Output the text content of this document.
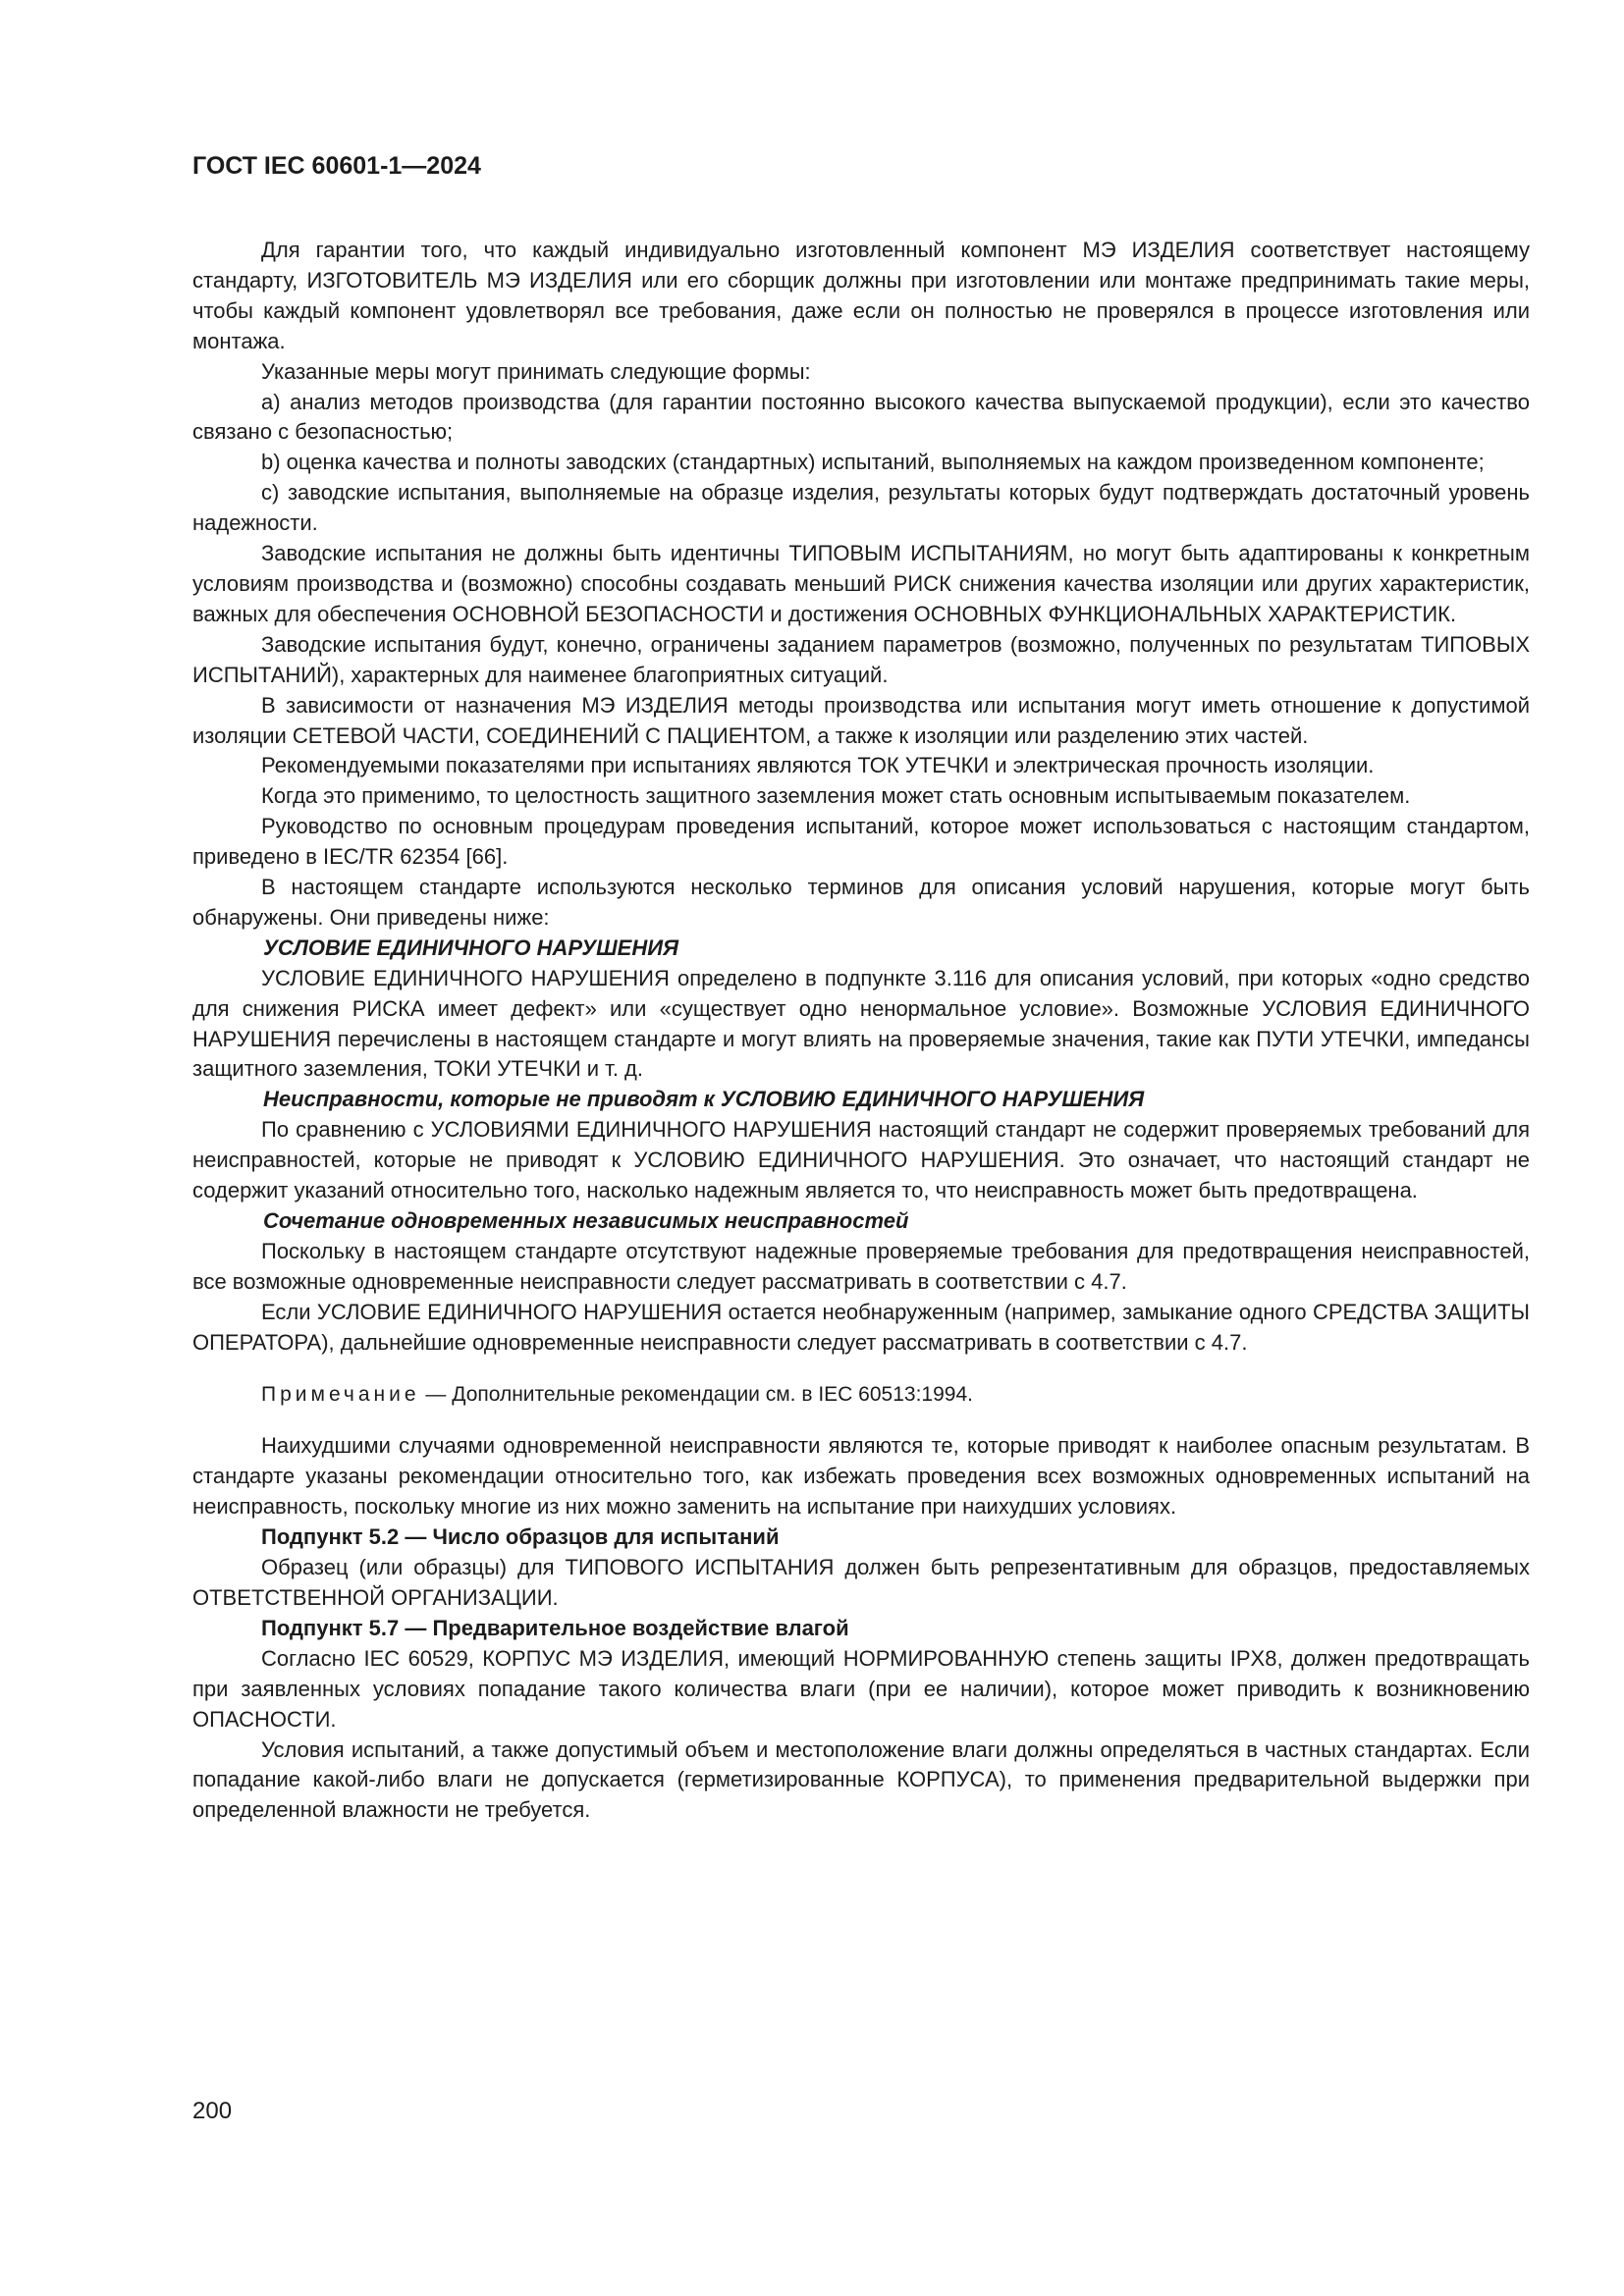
ГОСТ IEC 60601-1—2024

Для гарантии того, что каждый индивидуально изготовленный компонент МЭ ИЗДЕЛИЯ соответствует настоящему стандарту, ИЗГОТОВИТЕЛЬ МЭ ИЗДЕЛИЯ или его сборщик должны при изготовлении или монтаже предпринимать такие меры, чтобы каждый компонент удовлетворял все требования, даже если он полностью не проверялся в процессе изготовления или монтажа.

Указанные меры могут принимать следующие формы:

a) анализ методов производства (для гарантии постоянно высокого качества выпускаемой продукции), если это качество связано с безопасностью;

b) оценка качества и полноты заводских (стандартных) испытаний, выполняемых на каждом произведенном компоненте;

c) заводские испытания, выполняемые на образце изделия, результаты которых будут подтверждать достаточный уровень надежности.

Заводские испытания не должны быть идентичны ТИПОВЫМ ИСПЫТАНИЯМ, но могут быть адаптированы к конкретным условиям производства и (возможно) способны создавать меньший РИСК снижения качества изоляции или других характеристик, важных для обеспечения ОСНОВНОЙ БЕЗОПАСНОСТИ и достижения ОСНОВНЫХ ФУНКЦИОНАЛЬНЫХ ХАРАКТЕРИСТИК.

Заводские испытания будут, конечно, ограничены заданием параметров (возможно, полученных по результатам ТИПОВЫХ ИСПЫТАНИЙ), характерных для наименее благоприятных ситуаций.

В зависимости от назначения МЭ ИЗДЕЛИЯ методы производства или испытания могут иметь отношение к допустимой изоляции СЕТЕВОЙ ЧАСТИ, СОЕДИНЕНИЙ С ПАЦИЕНТОМ, а также к изоляции или разделению этих частей.

Рекомендуемыми показателями при испытаниях являются ТОК УТЕЧКИ и электрическая прочность изоляции.

Когда это применимо, то целостность защитного заземления может стать основным испытываемым показателем.

Руководство по основным процедурам проведения испытаний, которое может использоваться с настоящим стандартом, приведено в IEC/TR 62354 [66].

В настоящем стандарте используются несколько терминов для описания условий нарушения, которые могут быть обнаружены. Они приведены ниже:

УСЛОВИЕ ЕДИНИЧНОГО НАРУШЕНИЯ

УСЛОВИЕ ЕДИНИЧНОГО НАРУШЕНИЯ определено в подпункте 3.116 для описания условий, при которых «одно средство для снижения РИСКА имеет дефект» или «существует одно ненормальное условие». Возможные УСЛОВИЯ ЕДИНИЧНОГО НАРУШЕНИЯ перечислены в настоящем стандарте и могут влиять на проверяемые значения, такие как ПУТИ УТЕЧКИ, импедансы защитного заземления, ТОКИ УТЕЧКИ и т. д.

Неисправности, которые не приводят к УСЛОВИЮ ЕДИНИЧНОГО НАРУШЕНИЯ

По сравнению с УСЛОВИЯМИ ЕДИНИЧНОГО НАРУШЕНИЯ настоящий стандарт не содержит проверяемых требований для неисправностей, которые не приводят к УСЛОВИЮ ЕДИНИЧНОГО НАРУШЕНИЯ. Это означает, что настоящий стандарт не содержит указаний относительно того, насколько надежным является то, что неисправность может быть предотвращена.

Сочетание одновременных независимых неисправностей

Поскольку в настоящем стандарте отсутствуют надежные проверяемые требования для предотвращения неисправностей, все возможные одновременные неисправности следует рассматривать в соответствии с 4.7.

Если УСЛОВИЕ ЕДИНИЧНОГО НАРУШЕНИЯ остается необнаруженным (например, замыкание одного СРЕДСТВА ЗАЩИТЫ ОПЕРАТОРА), дальнейшие одновременные неисправности следует рассматривать в соответствии с 4.7.

Примечание — Дополнительные рекомендации см. в IEC 60513:1994.

Наихудшими случаями одновременной неисправности являются те, которые приводят к наиболее опасным результатам. В стандарте указаны рекомендации относительно того, как избежать проведения всех возможных одновременных испытаний на неисправность, поскольку многие из них можно заменить на испытание при наихудших условиях.

Подпункт 5.2 — Число образцов для испытаний

Образец (или образцы) для ТИПОВОГО ИСПЫТАНИЯ должен быть репрезентативным для образцов, предоставляемых ОТВЕТСТВЕННОЙ ОРГАНИЗАЦИИ.

Подпункт 5.7 — Предварительное воздействие влагой

Согласно IEC 60529, КОРПУС МЭ ИЗДЕЛИЯ, имеющий НОРМИРОВАННУЮ степень защиты IPX8, должен предотвращать при заявленных условиях попадание такого количества влаги (при ее наличии), которое может приводить к возникновению ОПАСНОСТИ.

Условия испытаний, а также допустимый объем и местоположение влаги должны определяться в частных стандартах. Если попадание какой-либо влаги не допускается (герметизированные КОРПУСА), то применения предварительной выдержки при определенной влажности не требуется.

200
